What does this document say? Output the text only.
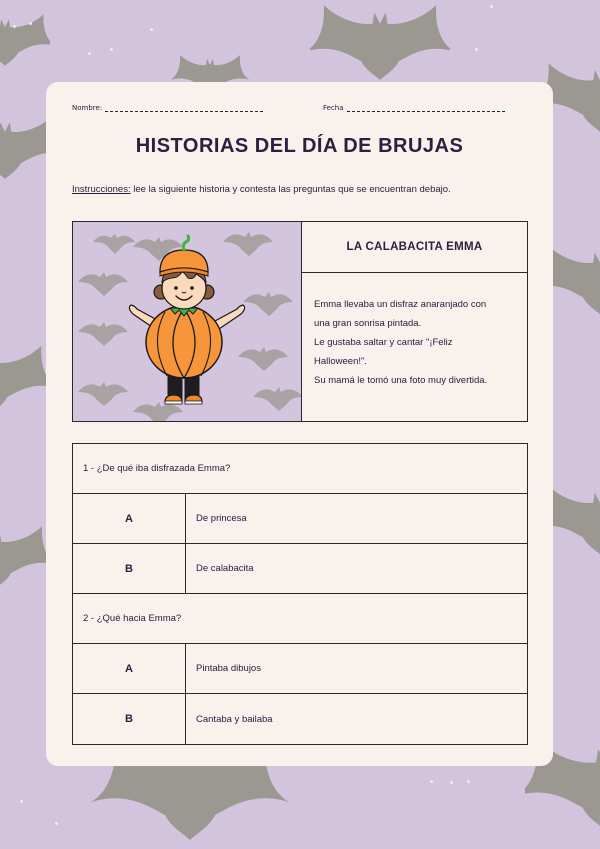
Nombre:	Fecha
HISTORIAS DEL DÍA DE BRUJAS
Instrucciones: lee la siguiente historia y contesta las preguntas que se encuentran debajo.
LA CALABACITA EMMA

Emma llevaba un disfraz anaranjado con

una gran sonrisa pintada.

Le gustaba saltar y cantar "¡Feliz

Halloween!".

Su mamá le tomó una foto muy divertida.

1 - ¿De qué iba disfrazada Emma?
A	De princesa
B	De calabacita
2 - ¿Qué hacia Emma?
A	Pintaba dibujos
B	Cantaba y bailaba
